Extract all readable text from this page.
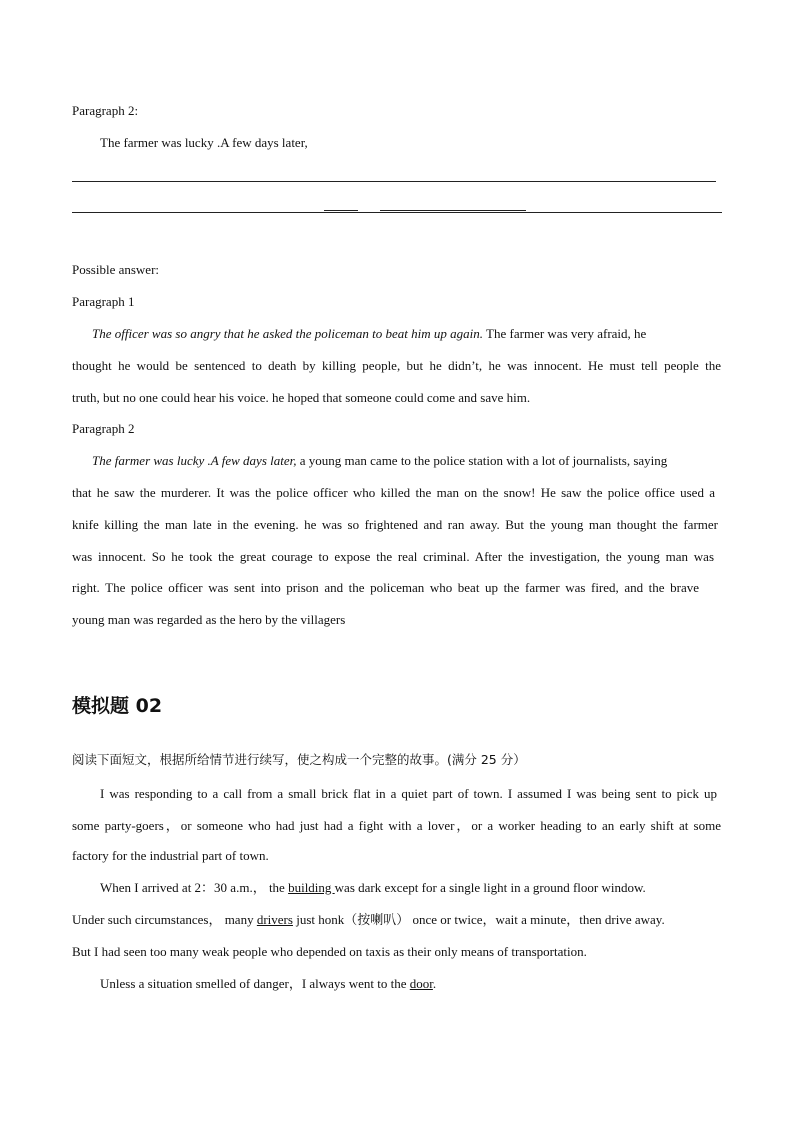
Paragraph 2:
The farmer was lucky .A few days later,
Possible answer:
Paragraph 1
The officer was so angry that he asked the policeman to beat him up again. The farmer was very afraid, he
thought he would be sentenced to death by killing people, but he didn’t, he was innocent. He must tell people the
truth, but no one could hear his voice. he hoped that someone could come and save him.
Paragraph 2
The farmer was lucky .A few days later, a young man came to the police station with a lot of journalists, saying
that he saw the murderer. It was the police officer who killed the man on the snow! He saw the police office used a
knife killing the man late in the evening. he was so frightened and ran away. But the young man thought the farmer
was innocent. So he took the great courage to expose the real criminal. After the investigation, the young man was
right. The police officer was sent into prison and the policeman who beat up the farmer was fired, and the brave
young man was regarded as the hero by the villagers
模拟题 02
阅读下面短文，根据所给情节进行续写，使之构成一个完整的故事。(满分 25 分）
I was responding to a call from a small brick flat in a quiet part of town. I assumed I was being sent to pick up
some party-goers，or someone who had just had a fight with a lover，or a worker heading to an early shift at some
factory for the industrial part of town.
When I arrived at 2：30 a.m.， the building was dark except for a single light in a ground floor window.
Under such circumstances， many drivers just honk（按喇叭） once or twice，wait a minute，then drive away.
But I had seen too many weak people who depended on taxis as their only means of transportation.
Unless a situation smelled of danger，I always went to the door.
